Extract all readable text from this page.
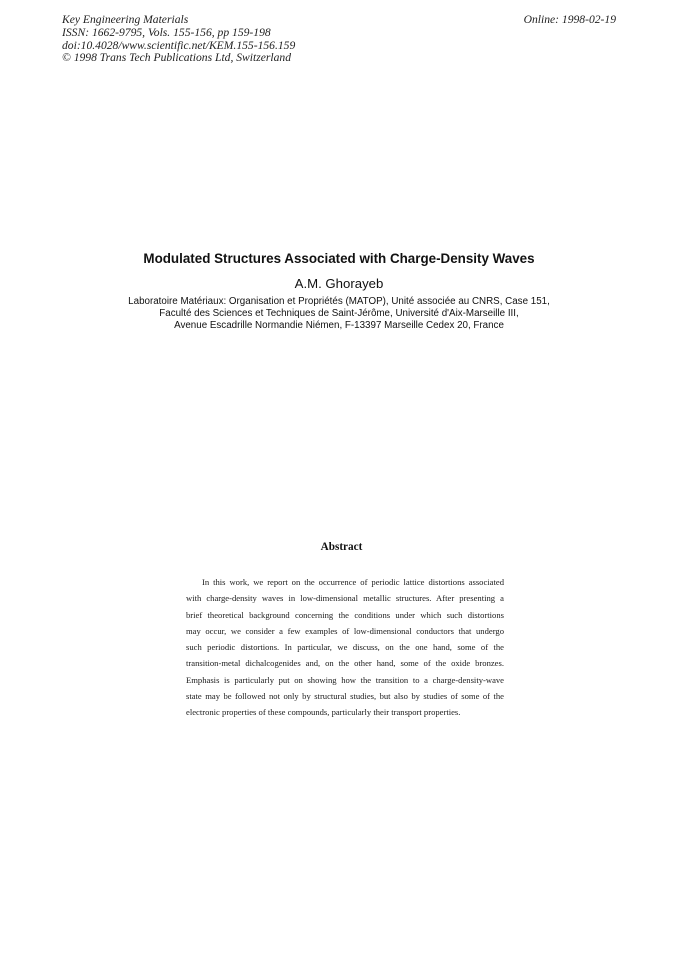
Key Engineering Materials
ISSN: 1662-9795, Vols. 155-156, pp 159-198
doi:10.4028/www.scientific.net/KEM.155-156.159
© 1998 Trans Tech Publications Ltd, Switzerland
Online: 1998-02-19
Modulated Structures Associated with Charge-Density Waves
A.M. Ghorayeb
Laboratoire Matériaux: Organisation et Propriétés (MATOP), Unité associée au CNRS, Case 151,
Faculté des Sciences et Techniques de Saint-Jérôme, Université d'Aix-Marseille III,
Avenue Escadrille Normandie Niémen, F-13397 Marseille Cedex 20, France
Abstract
In this work, we report on the occurrence of periodic lattice distortions associated
with charge-density waves in low-dimensional metallic structures. After presenting a
brief theoretical background concerning the conditions under which such distortions
may occur, we consider a few examples of low-dimensional conductors that undergo
such periodic distortions. In particular, we discuss, on the one hand, some of the
transition-metal dichalcogenides and, on the other hand, some of the oxide bronzes.
Emphasis is particularly put on showing how the transition to a charge-density-wave
state may be followed not only by structural studies, but also by studies of some of the
electronic properties of these compounds, particularly their transport properties.
